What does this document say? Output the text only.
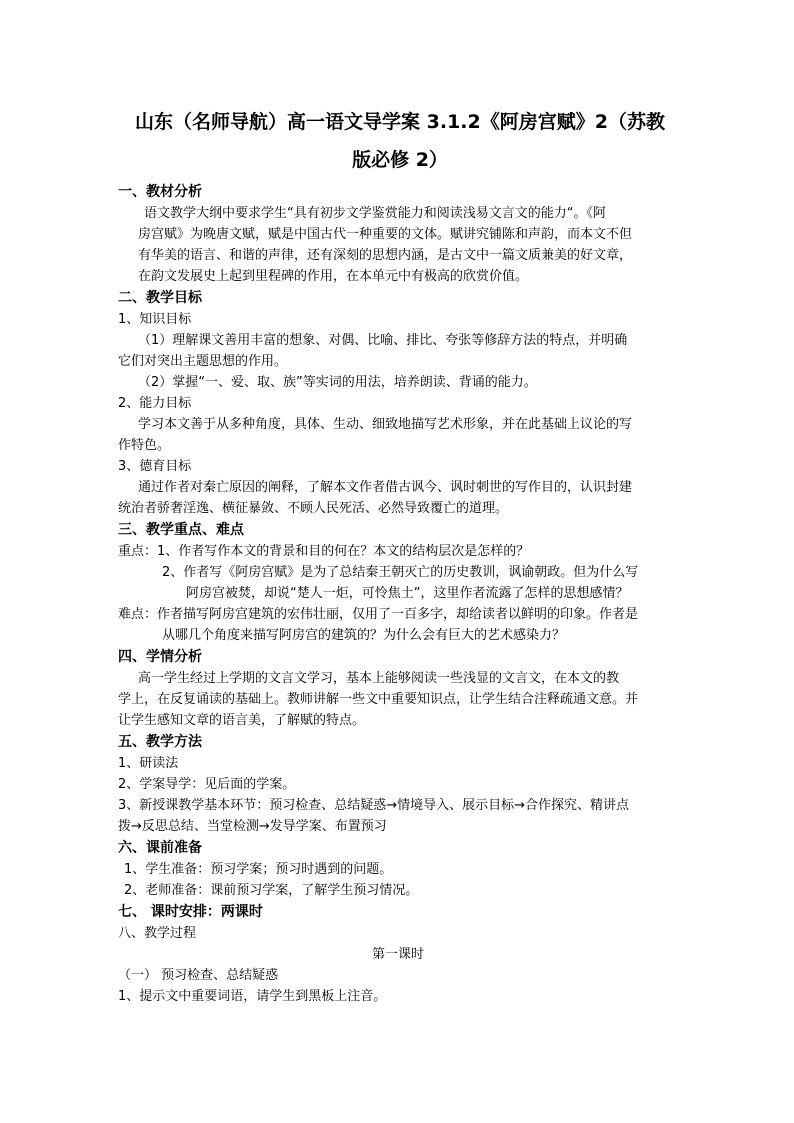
山东（名师导航）高一语文导学案 3.1.2《阿房宫赋》2（苏教
版必修 2）

一、教材分析

语文教学大纲中要求学生“具有初步文学鉴赏能力和阅读浅易文言文的能力“。《阿

房宫赋》为晚唐文赋，赋是中国古代一种重要的文体。赋讲究铺陈和声韵，而本文不但

有华美的语言、和谐的声律，还有深刻的思想内涵，是古文中一篇文质兼美的好文章，

在韵文发展史上起到里程碑的作用，在本单元中有极高的欣赏价值。

二、教学目标

1、知识目标

（1）理解课文善用丰富的想象、对偶、比喻、排比、夸张等修辞方法的特点，并明确

它们对突出主题思想的作用。

（2）掌握“一、爱、取、族”等实词的用法，培养朗读、背诵的能力。

2、能力目标

学习本文善于从多种角度，具体、生动、细致地描写艺术形象，并在此基础上议论的写

作特色。

3、德育目标

通过作者对秦亡原因的阐释，了解本文作者借古讽今、讽时刺世的写作目的，认识封建

统治者骄奢淫逸、横征暴敛、不顾人民死活、必然导致覆亡的道理。

三、教学重点、难点

重点：1、作者写作本文的背景和目的何在？本文的结构层次是怎样的？

2、作者写《阿房宫赋》是为了总结秦王朝灭亡的历史教训，讽谕朝政。但为什么写

阿房宫被焚，却说“楚人一炬，可怜焦土”，这里作者流露了怎样的思想感情？

难点：作者描写阿房宫建筑的宏伟壮丽，仅用了一百多字，却给读者以鲜明的印象。作者是

从哪几个角度来描写阿房宫的建筑的？为什么会有巨大的艺术感染力？

四、学情分析

高一学生经过上学期的文言文学习，基本上能够阅读一些浅显的文言文，在本文的教

学上，在反复诵读的基础上。教师讲解一些文中重要知识点，让学生结合注释疏通文意。并

让学生感知文章的语言美，了解赋的特点。

五、教学方法

1、研读法

2、学案导学：见后面的学案。

3、新授课教学基本环节：预习检查、总结疑惑→情境导入、展示目标→合作探究、精讲点

拨→反思总结、当堂检测→发导学案、布置预习

六、课前准备

1、学生准备：预习学案；预习时遇到的问题。

2、老师准备：课前预习学案，了解学生预习情况。

七、 课时安排：两课时

八、教学过程

第一课时

（一） 预习检查、总结疑惑

1、提示文中重要词语，请学生到黑板上注音。
